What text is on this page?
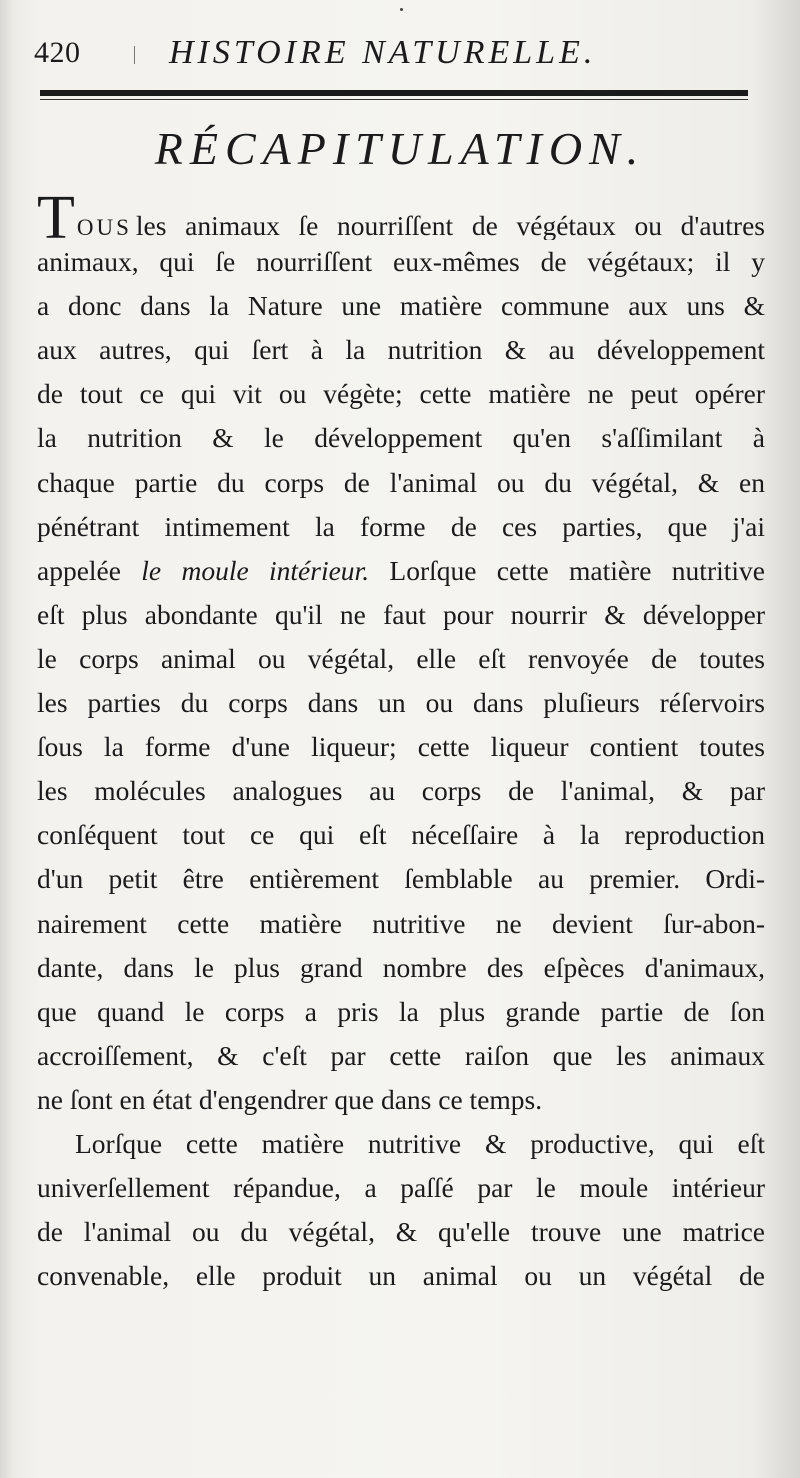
420	HISTOIRE NATURELLE.
RÉCAPITULATION.
TOUS les animaux ſe nourriſſent de végétaux ou d'autres
animaux, qui ſe nourriſſent eux-mêmes de végétaux; il y
a donc dans la Nature une matière commune aux uns &
aux autres, qui ſert à la nutrition & au développement
de tout ce qui vit ou végète; cette matière ne peut opérer
la nutrition & le développement qu'en s'aſſimilant à
chaque partie du corps de l'animal ou du végétal, & en
pénétrant intimement la forme de ces parties, que j'ai
appelée le moule intérieur. Lorſque cette matière nutritive
eſt plus abondante qu'il ne faut pour nourrir & développer
le corps animal ou végétal, elle eſt renvoyée de toutes
les parties du corps dans un ou dans pluſieurs réſervoirs
ſous la forme d'une liqueur; cette liqueur contient toutes
les molécules analogues au corps de l'animal, & par
conſéquent tout ce qui eſt néceſſaire à la reproduction
d'un petit être entièrement ſemblable au premier. Ordi-
nairement cette matière nutritive ne devient ſur-abon-
dante, dans le plus grand nombre des eſpèces d'animaux,
que quand le corps a pris la plus grande partie de ſon
accroiſſement, & c'eſt par cette raiſon que les animaux
ne ſont en état d'engendrer que dans ce temps.
Lorſque cette matière nutritive & productive, qui eſt
univerſellement répandue, a paſſé par le moule intérieur
de l'animal ou du végétal, & qu'elle trouve une matrice
convenable, elle produit un animal ou un végétal de
